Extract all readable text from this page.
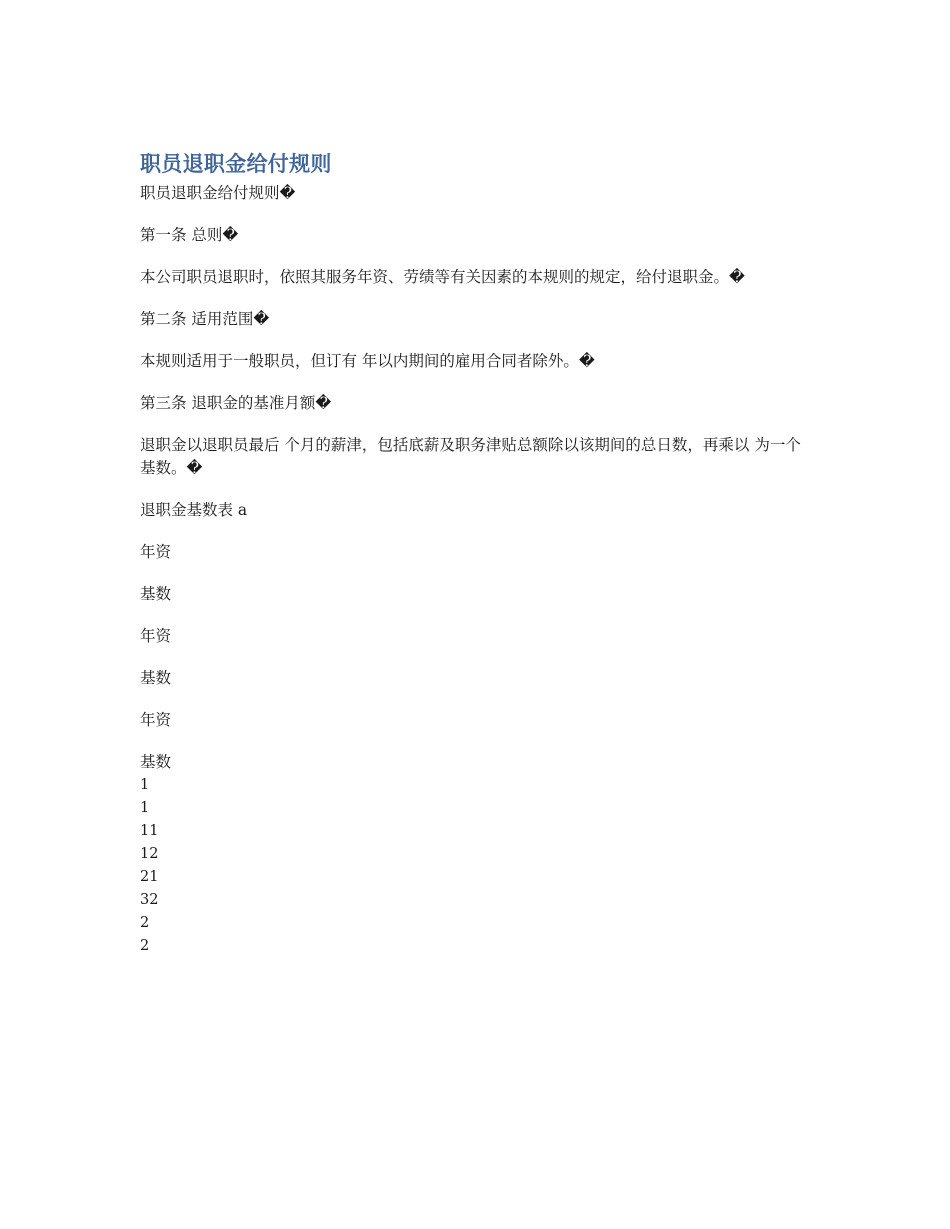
职员退职金给付规则

职员退职金给付规则�

第一条 总则�

本公司职员退职时，依照其服务年资、劳绩等有关因素的本规则的规定，给付退职金。�

第二条 适用范围�

本规则适用于一般职员，但订有 年以内期间的雇用合同者除外。�

第三条 退职金的基准月额�

退职金以退职员最后 个月的薪津，包括底薪及职务津贴总额除以该期间的总日数，再乘以 为一个基数。�

退职金基数表 a

年资

基数

年资

基数

年资

基数

1

1

11

12

21

32

2

2
